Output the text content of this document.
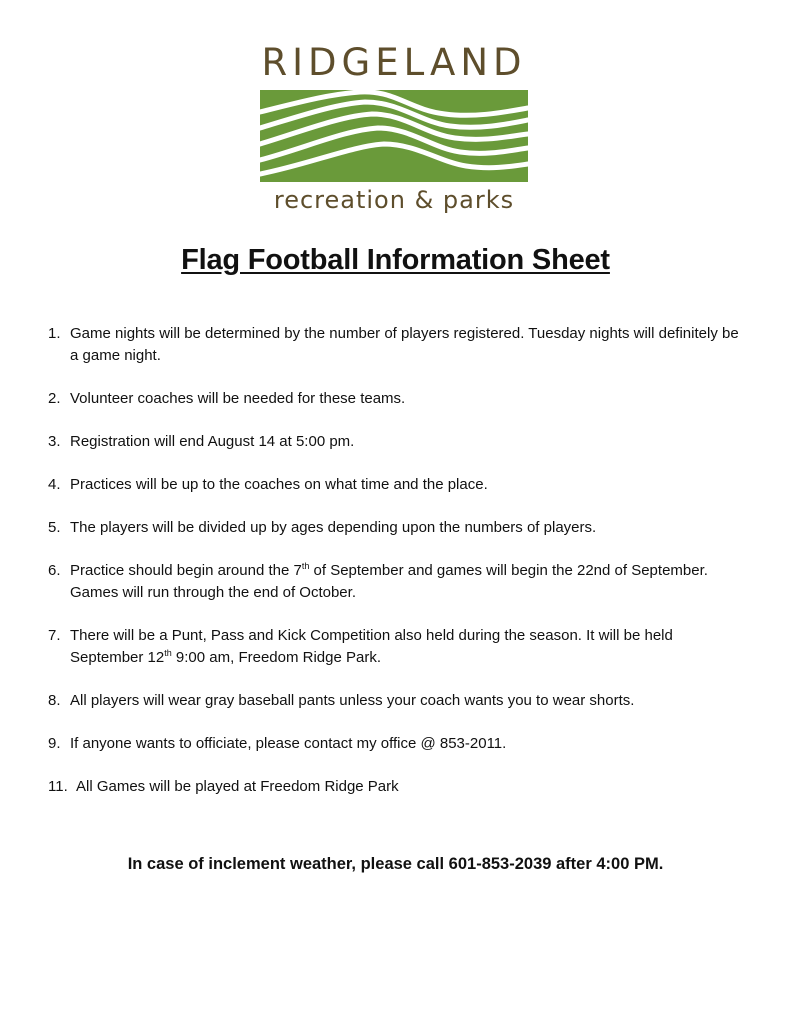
RIDGELAND
recreation & parks
Flag Football Information Sheet
1. Game nights will be determined by the number of players registered. Tuesday nights will definitely be a game night.
2. Volunteer coaches will be needed for these teams.
3. Registration will end August 14 at 5:00 pm.
4. Practices will be up to the coaches on what time and the place.
5. The players will be divided up by ages depending upon the numbers of players.
6. Practice should begin around the 7th of September and games will begin the 22nd of September. Games will run through the end of October.
7. There will be a Punt, Pass and Kick Competition also held during the season. It will be held September 12th 9:00 am, Freedom Ridge Park.
8. All players will wear gray baseball pants unless your coach wants you to wear shorts.
9. If anyone wants to officiate, please contact my office @ 853-2011.
11. All Games will be played at Freedom Ridge Park

In case of inclement weather, please call 601-853-2039 after 4:00 PM.
